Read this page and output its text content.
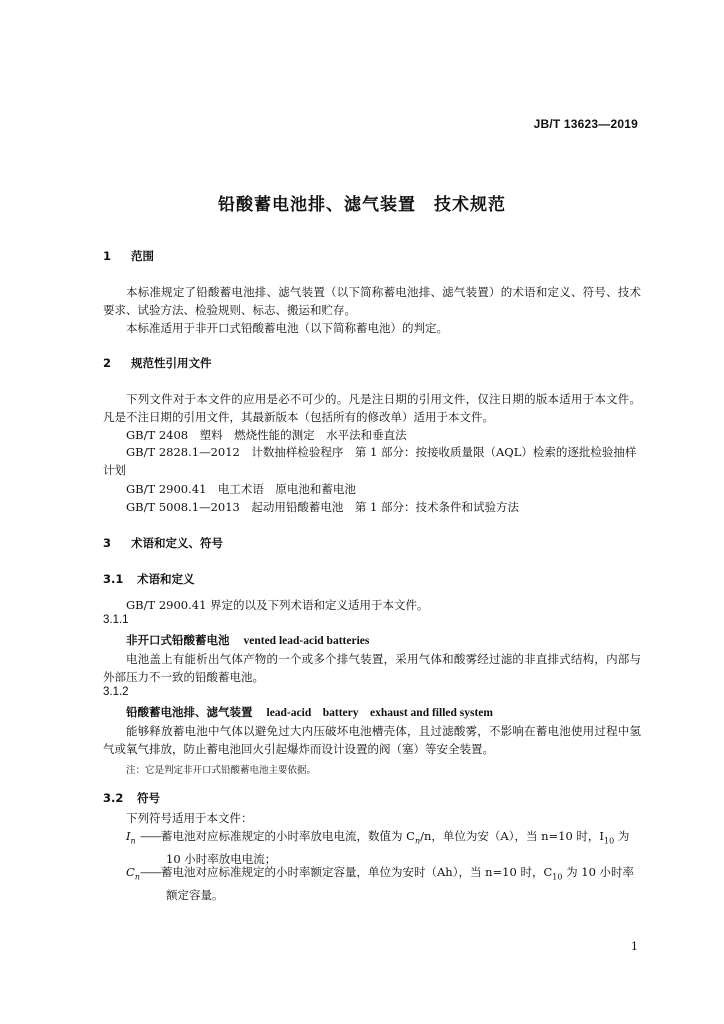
JB/T 13623—2019
铅酸蓄电池排、滤气装置　技术规范
1 范围
本标准规定了铅酸蓄电池排、滤气装置（以下简称蓄电池排、滤气装置）的术语和定义、符号、技术要求、试验方法、检验规则、标志、搬运和贮存。
本标准适用于非开口式铅酸蓄电池（以下简称蓄电池）的判定。
2 规范性引用文件
下列文件对于本文件的应用是必不可少的。凡是注日期的引用文件，仅注日期的版本适用于本文件。凡是不注日期的引用文件，其最新版本（包括所有的修改单）适用于本文件。
GB/T 2408　塑料　燃烧性能的测定　水平法和垂直法
GB/T 2828.1—2012　计数抽样检验程序　第 1 部分：按接收质量限（AQL）检索的逐批检验抽样计划
GB/T 2900.41　电工术语　原电池和蓄电池
GB/T 5008.1—2013　起动用铅酸蓄电池　第 1 部分：技术条件和试验方法
3 术语和定义、符号
3.1 术语和定义
GB/T 2900.41 界定的以及下列术语和定义适用于本文件。
3.1.1
非开口式铅酸蓄电池 vented lead-acid batteries
电池盖上有能析出气体产物的一个或多个排气装置，采用气体和酸雾经过滤的非直排式结构，内部与外部压力不一致的铅酸蓄电池。
3.1.2
铅酸蓄电池排、滤气装置 lead-acid　battery　exhaust and filled system
能够释放蓄电池中气体以避免过大内压破坏电池槽壳体，且过滤酸雾，不影响在蓄电池使用过程中氢气或氧气排放，防止蓄电池回火引起爆炸而设计设置的阀（塞）等安全装置。
注：它是判定非开口式铅酸蓄电池主要依据。
3.2 符号
下列符号适用于本文件：
$I_n$ ——蓄电池对应标准规定的小时率放电电流，数值为 $C_n/n$，单位为安（A），当 n=10 时，$I_{10}$ 为
10 小时率放电电流；
$C_n——$蓄电池对应标准规定的小时率额定容量，单位为安时（Ah），当 n=10 时，$C_{10}$ 为 10 小时率
额定容量。
1
